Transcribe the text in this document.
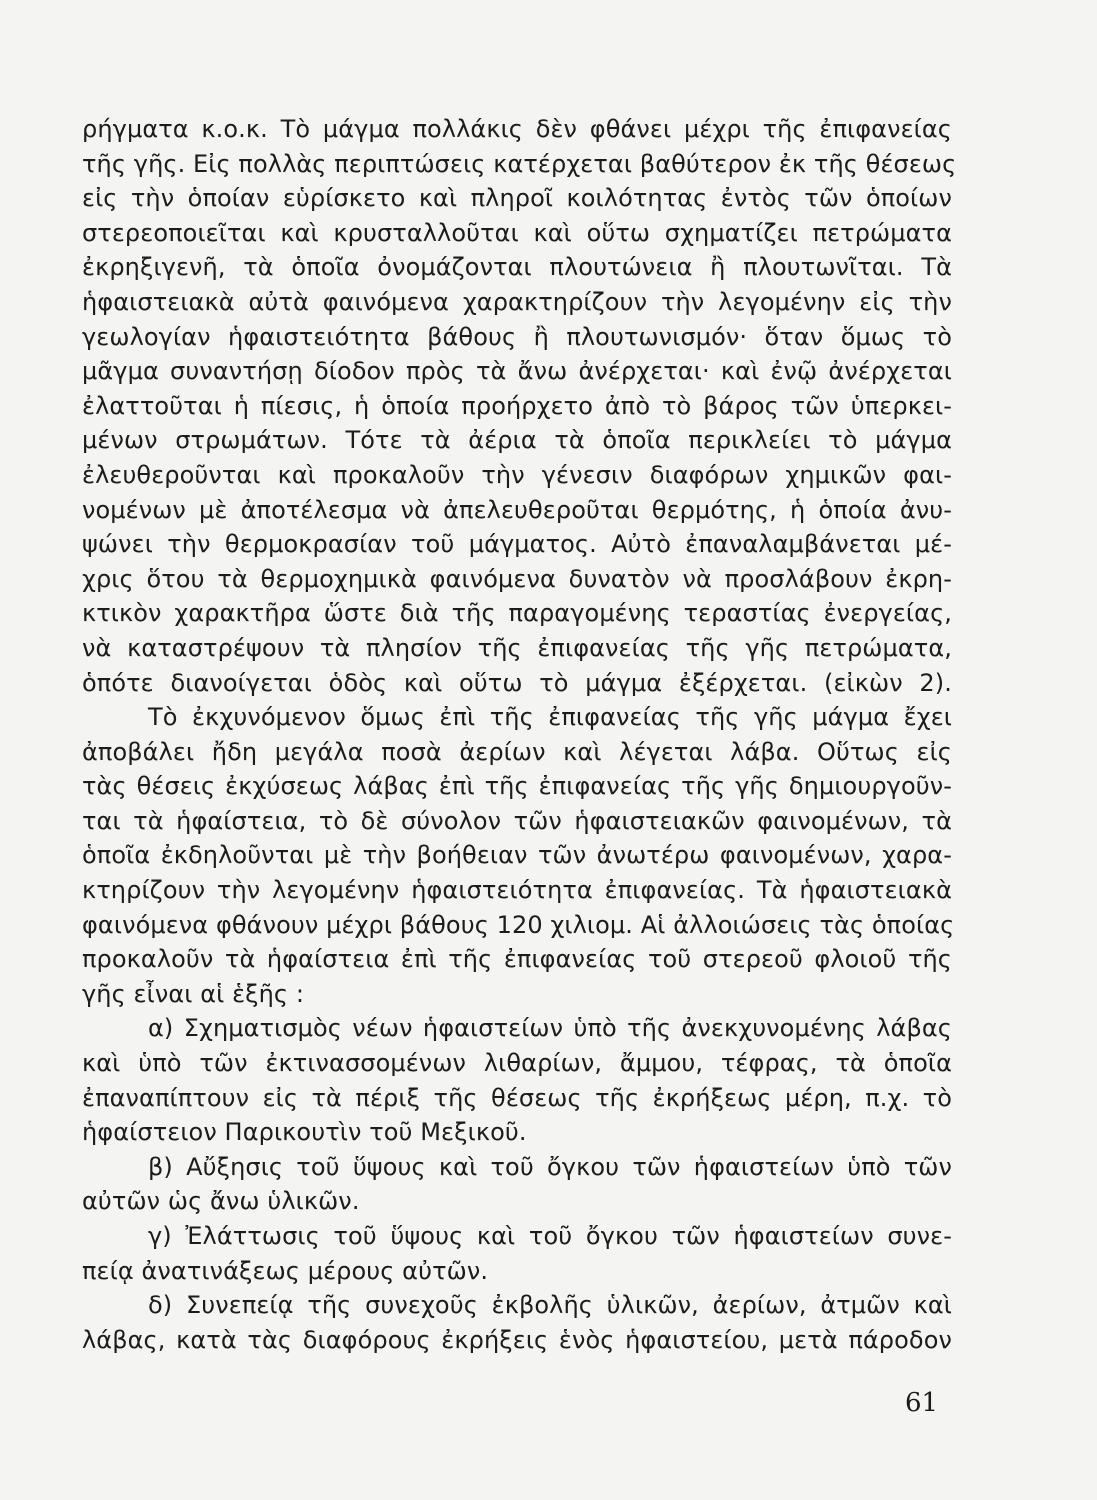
ρήγματα κ.ο.κ. Τὸ μάγμα πολλάκις δὲν φθάνει μέχρι τῆς ἐπιφανείας
τῆς γῆς. Εἰς πολλὰς περιπτώσεις κατέρχεται βαθύτερον ἐκ τῆς θέσεως
εἰς τὴν ὁποίαν εὑρίσκετο καὶ πληροῖ κοιλότητας ἐντὸς τῶν ὁποίων
στερεοποιεῖται καὶ κρυσταλλοῦται καὶ οὕτω σχηματίζει πετρώματα
ἐκρηξιγενῆ, τὰ ὁποῖα ὀνομάζονται πλουτώνεια ἢ πλουτωνῖται. Τὰ
ἡφαιστειακὰ αὐτὰ φαινόμενα χαρακτηρίζουν τὴν λεγομένην εἰς τὴν
γεωλογίαν ἡφαιστειότητα βάθους ἢ πλουτωνισμόν· ὅταν ὅμως τὸ
μᾶγμα συναντήσῃ δίοδον πρὸς τὰ ἄνω ἀνέρχεται· καὶ ἐνῷ ἀνέρχεται
ἐλαττοῦται ἡ πίεσις, ἡ ὁποία προήρχετο ἀπὸ τὸ βάρος τῶν ὑπερκει-
μένων στρωμάτων. Τότε τὰ ἀέρια τὰ ὁποῖα περικλείει τὸ μάγμα
ἐλευθεροῦνται καὶ προκαλοῦν τὴν γένεσιν διαφόρων χημικῶν φαι-
νομένων μὲ ἀποτέλεσμα νὰ ἀπελευθεροῦται θερμότης, ἡ ὁποία ἀνυ-
ψώνει τὴν θερμοκρασίαν τοῦ μάγματος. Αὐτὸ ἐπαναλαμβάνεται μέ-
χρις ὅτου τὰ θερμοχημικὰ φαινόμενα δυνατὸν νὰ προσλάβουν ἐκρη-
κτικὸν χαρακτῆρα ὥστε διὰ τῆς παραγομένης τεραστίας ἐνεργείας,
νὰ καταστρέψουν τὰ πλησίον τῆς ἐπιφανείας τῆς γῆς πετρώματα,
ὁπότε διανοίγεται ὁδὸς καὶ οὕτω τὸ μάγμα ἐξέρχεται. (εἰκὼν 2).
Τὸ ἐκχυνόμενον ὅμως ἐπὶ τῆς ἐπιφανείας τῆς γῆς μάγμα ἔχει
ἀποβάλει ἤδη μεγάλα ποσὰ ἀερίων καὶ λέγεται λάβα. Οὕτως εἰς
τὰς θέσεις ἐκχύσεως λάβας ἐπὶ τῆς ἐπιφανείας τῆς γῆς δημιουργοῦν-
ται τὰ ἡφαίστεια, τὸ δὲ σύνολον τῶν ἡφαιστειακῶν φαινομένων, τὰ
ὁποῖα ἐκδηλοῦνται μὲ τὴν βοήθειαν τῶν ἀνωτέρω φαινομένων, χαρα-
κτηρίζουν τὴν λεγομένην ἡφαιστειότητα ἐπιφανείας. Τὰ ἡφαιστειακὰ
φαινόμενα φθάνουν μέχρι βάθους 120 χιλιομ. Αἱ ἀλλοιώσεις τὰς ὁποίας
προκαλοῦν τὰ ἡφαίστεια ἐπὶ τῆς ἐπιφανείας τοῦ στερεοῦ φλοιοῦ τῆς
γῆς εἶναι αἱ ἑξῆς :
α) Σχηματισμὸς νέων ἡφαιστείων ὑπὸ τῆς ἀνεκχυνομένης λάβας
καὶ ὑπὸ τῶν ἐκτινασσομένων λιθαρίων, ἄμμου, τέφρας, τὰ ὁποῖα
ἐπαναπίπτουν εἰς τὰ πέριξ τῆς θέσεως τῆς ἐκρήξεως μέρη, π.χ. τὸ
ἡφαίστειον Παρικουτὶν τοῦ Μεξικοῦ.
β) Αὔξησις τοῦ ὕψους καὶ τοῦ ὄγκου τῶν ἡφαιστείων ὑπὸ τῶν
αὐτῶν ὡς ἄνω ὑλικῶν.
γ) Ἐλάττωσις τοῦ ὕψους καὶ τοῦ ὄγκου τῶν ἡφαιστείων συνε-
πείᾳ ἀνατινάξεως μέρους αὐτῶν.
δ) Συνεπείᾳ τῆς συνεχοῦς ἐκβολῆς ὑλικῶν, ἀερίων, ἀτμῶν καὶ
λάβας, κατὰ τὰς διαφόρους ἐκρήξεις ἑνὸς ἡφαιστείου, μετὰ πάροδον
61
